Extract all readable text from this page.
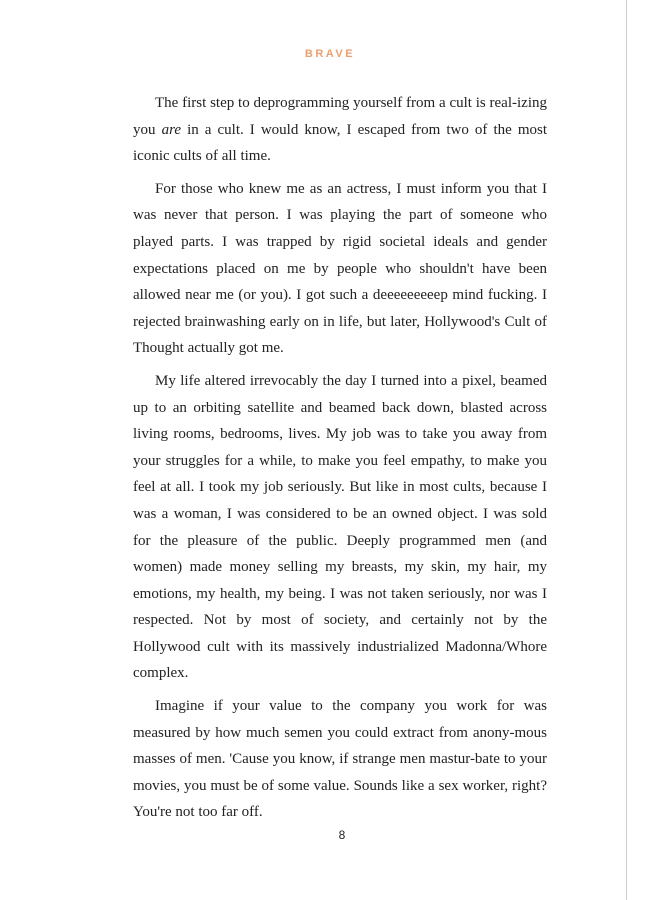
BRAVE

The first step to deprogramming yourself from a cult is real-izing you are in a cult. I would know, I escaped from two of the most iconic cults of all time.

For those who knew me as an actress, I must inform you that I was never that person. I was playing the part of someone who played parts. I was trapped by rigid societal ideals and gender expectations placed on me by people who shouldn't have been allowed near me (or you). I got such a deeeeeeeeep mind fucking. I rejected brainwashing early on in life, but later, Hollywood's Cult of Thought actually got me.

My life altered irrevocably the day I turned into a pixel, beamed up to an orbiting satellite and beamed back down, blasted across living rooms, bedrooms, lives. My job was to take you away from your struggles for a while, to make you feel empathy, to make you feel at all. I took my job seriously. But like in most cults, because I was a woman, I was considered to be an owned object. I was sold for the pleasure of the public. Deeply programmed men (and women) made money selling my breasts, my skin, my hair, my emotions, my health, my being. I was not taken seriously, nor was I respected. Not by most of society, and certainly not by the Hollywood cult with its massively industrialized Madonna/Whore complex.

Imagine if your value to the company you work for was measured by how much semen you could extract from anony-mous masses of men. 'Cause you know, if strange men mastur-bate to your movies, you must be of some value. Sounds like a sex worker, right? You're not too far off.

8
